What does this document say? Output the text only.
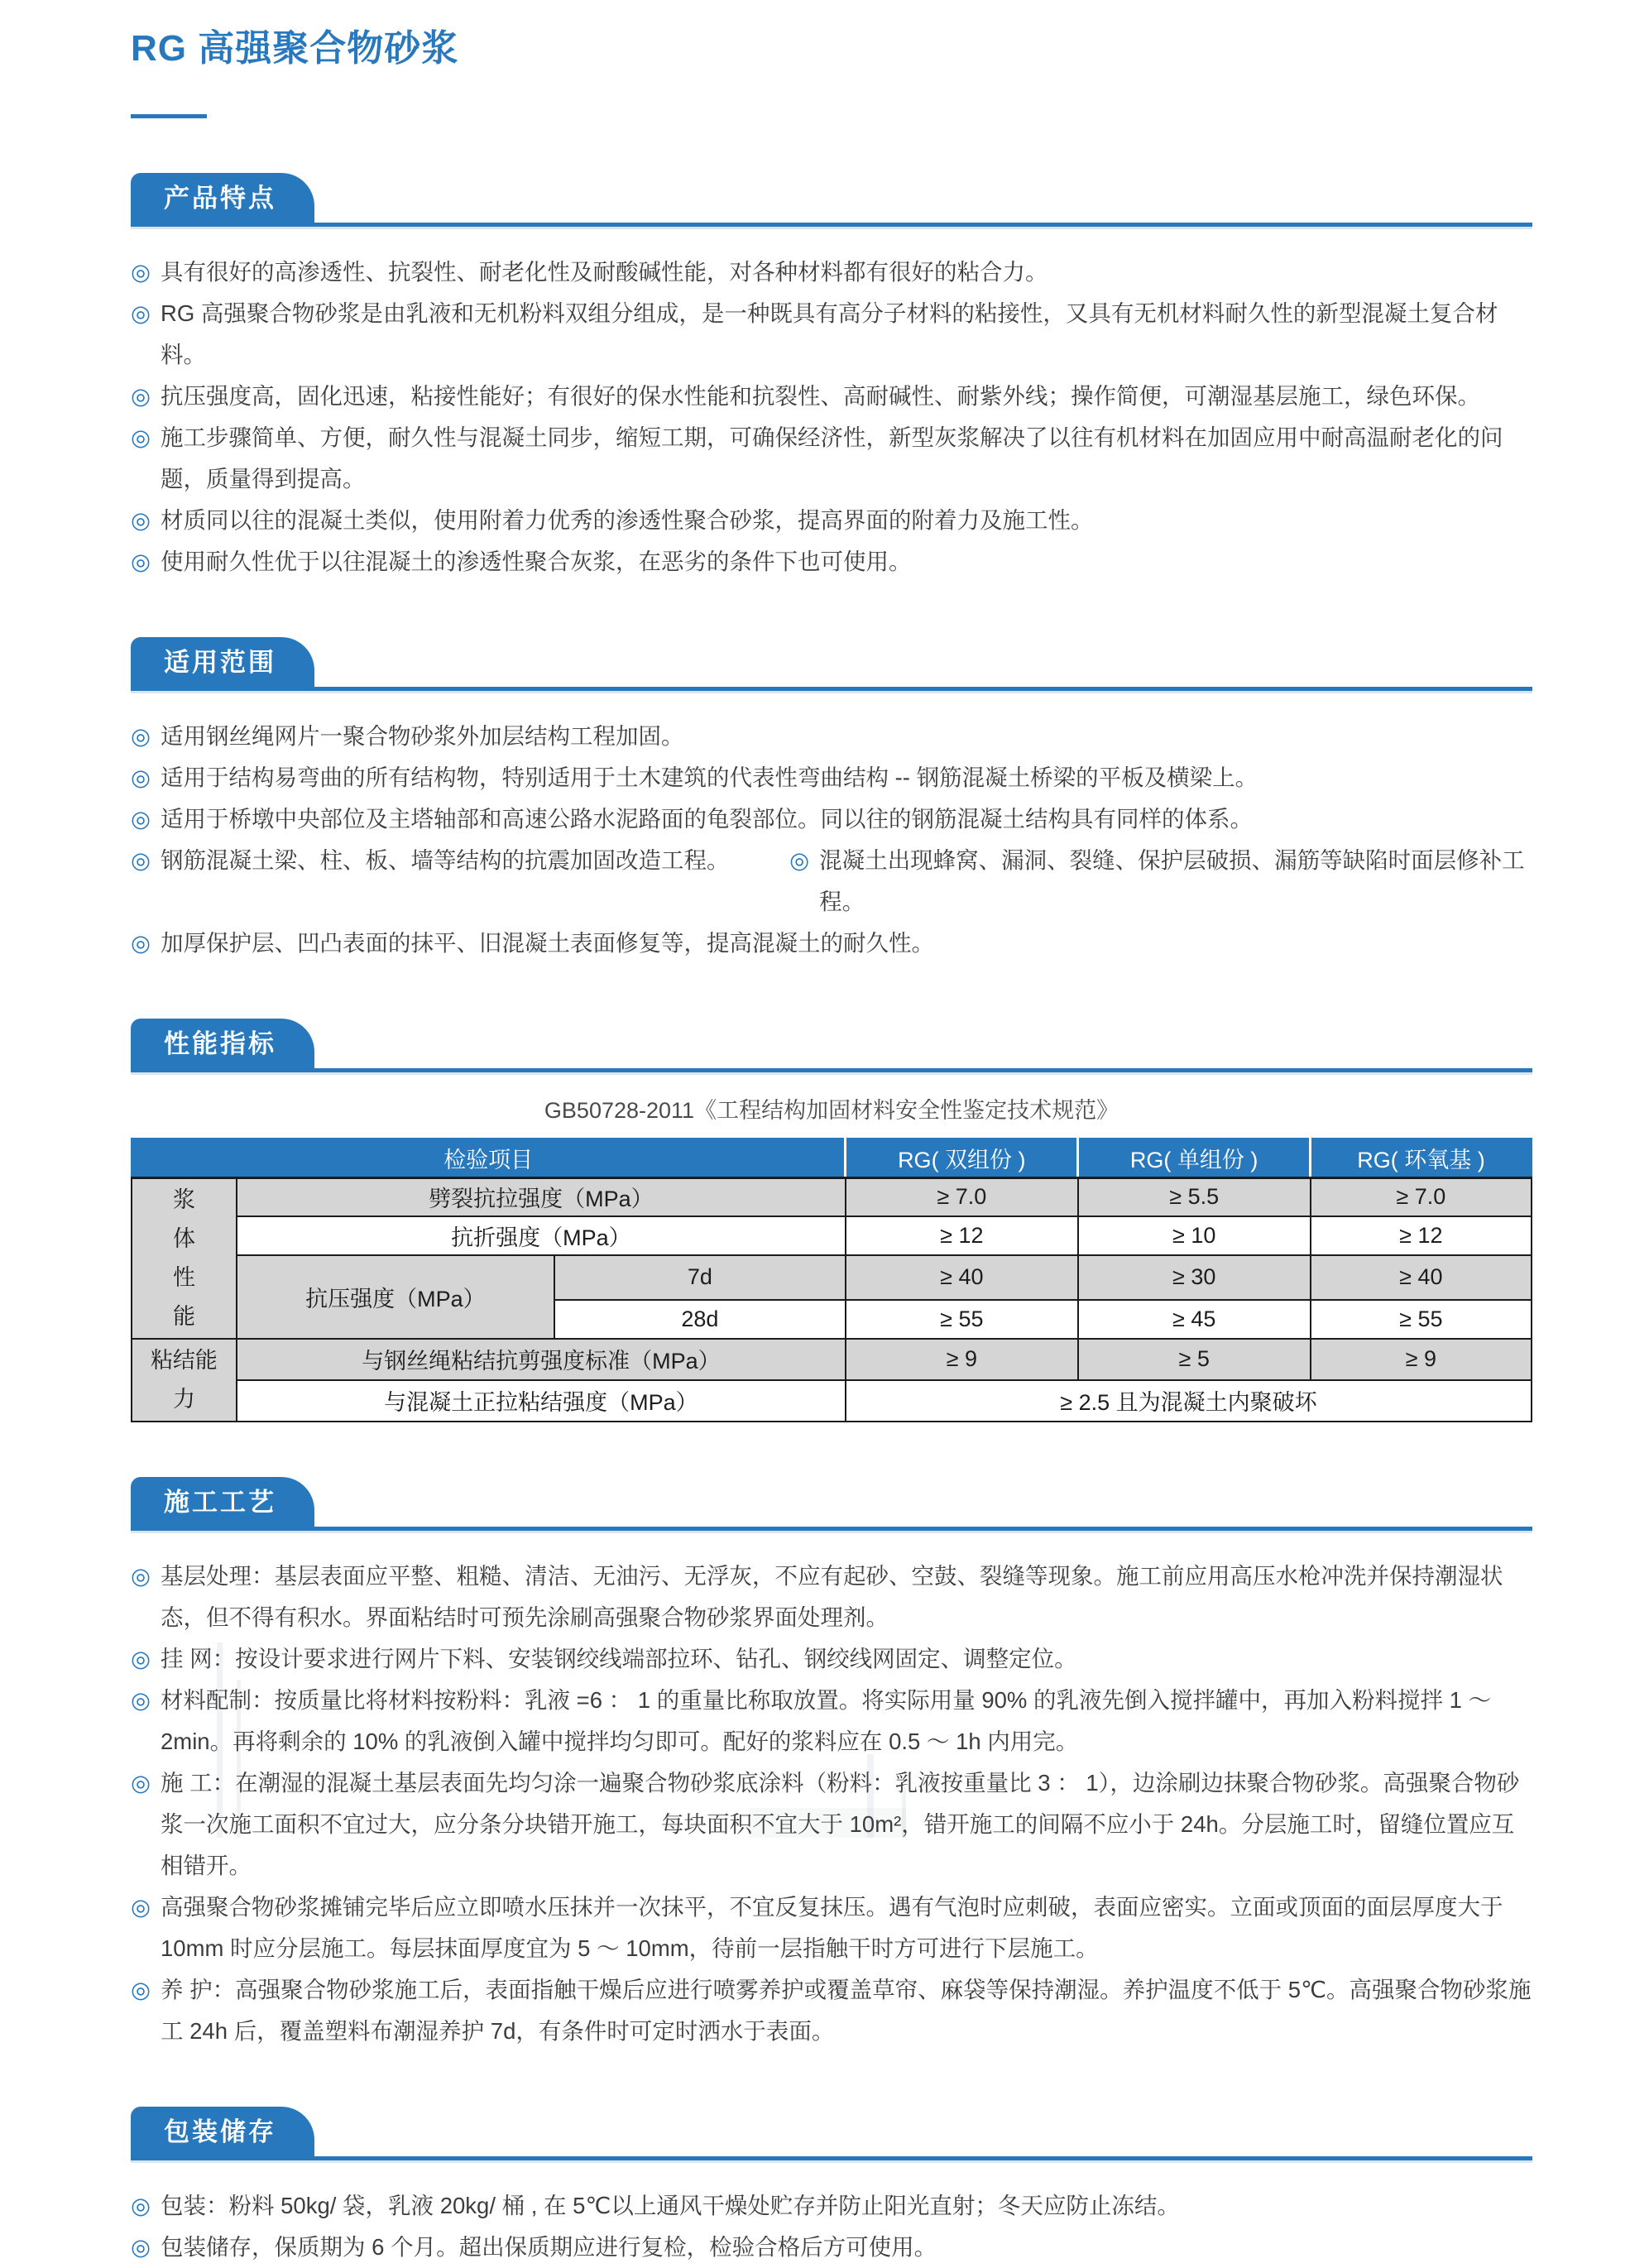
RG 高强聚合物砂浆
产品特点
◎ 具有很好的高渗透性、抗裂性、耐老化性及耐酸碱性能，对各种材料都有很好的粘合力。
◎ RG 高强聚合物砂浆是由乳液和无机粉料双组分组成，是一种既具有高分子材料的粘接性，又具有无机材料耐久性的新型混凝土复合材料。
◎ 抗压强度高，固化迅速，粘接性能好；有很好的保水性能和抗裂性、高耐碱性、耐紫外线；操作简便，可潮湿基层施工，绿色环保。
◎ 施工步骤简单、方便，耐久性与混凝土同步，缩短工期，可确保经济性，新型灰浆解决了以往有机材料在加固应用中耐高温耐老化的问题，质量得到提高。
◎ 材质同以往的混凝土类似，使用附着力优秀的渗透性聚合砂浆，提高界面的附着力及施工性。
◎ 使用耐久性优于以往混凝土的渗透性聚合灰浆，在恶劣的条件下也可使用。
适用范围
◎ 适用钢丝绳网片一聚合物砂浆外加层结构工程加固。
◎ 适用于结构易弯曲的所有结构物，特别适用于土木建筑的代表性弯曲结构 -- 钢筋混凝土桥梁的平板及横梁上。
◎ 适用于桥墩中央部位及主塔轴部和高速公路水泥路面的龟裂部位。同以往的钢筋混凝土结构具有同样的体系。
◎ 钢筋混凝土梁、柱、板、墙等结构的抗震加固改造工程。	◎ 混凝土出现蜂窝、漏洞、裂缝、保护层破损、漏筋等缺陷时面层修补工程。
◎ 加厚保护层、凹凸表面的抹平、旧混凝土表面修复等，提高混凝土的耐久性。
性能指标
GB50728-2011《工程结构加固材料安全性鉴定技术规范》
检验项目			RG( 双组份 )	RG( 单组份 )	RG( 环氧基 )

浆
体
性
能	劈裂抗拉强度（MPa）		≥ 7.0	≥ 5.5	≥ 7.0
	抗折强度（MPa）		≥ 12	≥ 10	≥ 12
	抗压强度（MPa）	7d	≥ 40	≥ 30	≥ 40
		28d	≥ 55	≥ 45	≥ 55

粘结能
力	与钢丝绳粘结抗剪强度标准（MPa）		≥ 9	≥ 5	≥ 9
	与混凝土正拉粘结强度（MPa）		≥ 2.5 且为混凝土内聚破坏		
施工工艺
◎ 基层处理：基层表面应平整、粗糙、清洁、无油污、无浮灰，不应有起砂、空鼓、裂缝等现象。施工前应用高压水枪冲洗并保持潮湿状态，但不得有积水。界面粘结时可预先涂刷高强聚合物砂浆界面处理剂。
◎ 挂 网：按设计要求进行网片下料、安装钢绞线端部拉环、钻孔、钢绞线网固定、调整定位。
◎ 材料配制：按质量比将材料按粉料：乳液 =6 ： 1 的重量比称取放置。将实际用量 90% 的乳液先倒入搅拌罐中，再加入粉料搅拌 1 ～ 2min。再将剩余的 10% 的乳液倒入罐中搅拌均匀即可。配好的浆料应在 0.5 ～ 1h 内用完。
◎ 施 工：在潮湿的混凝土基层表面先均匀涂一遍聚合物砂浆底涂料（粉料：乳液按重量比 3 ： 1），边涂刷边抹聚合物砂浆。高强聚合物砂浆一次施工面积不宜过大，应分条分块错开施工，每块面积不宜大于 10m²，错开施工的间隔不应小于 24h。分层施工时，留缝位置应互相错开。
◎ 高强聚合物砂浆摊铺完毕后应立即喷水压抹并一次抹平，不宜反复抹压。遇有气泡时应刺破，表面应密实。立面或顶面的面层厚度大于 10mm 时应分层施工。每层抹面厚度宜为 5 ～ 10mm，待前一层指触干时方可进行下层施工。
◎ 养 护：高强聚合物砂浆施工后，表面指触干燥后应进行喷雾养护或覆盖草帘、麻袋等保持潮湿。养护温度不低于 5℃。高强聚合物砂浆施工 24h 后，覆盖塑料布潮湿养护 7d，有条件时可定时洒水于表面。
包装储存
◎ 包装：粉料 50kg/ 袋，乳液 20kg/ 桶 , 在 5℃以上通风干燥处贮存并防止阳光直射；冬天应防止冻结。
◎ 包装储存，保质期为 6 个月。超出保质期应进行复检，检验合格后方可使用。
